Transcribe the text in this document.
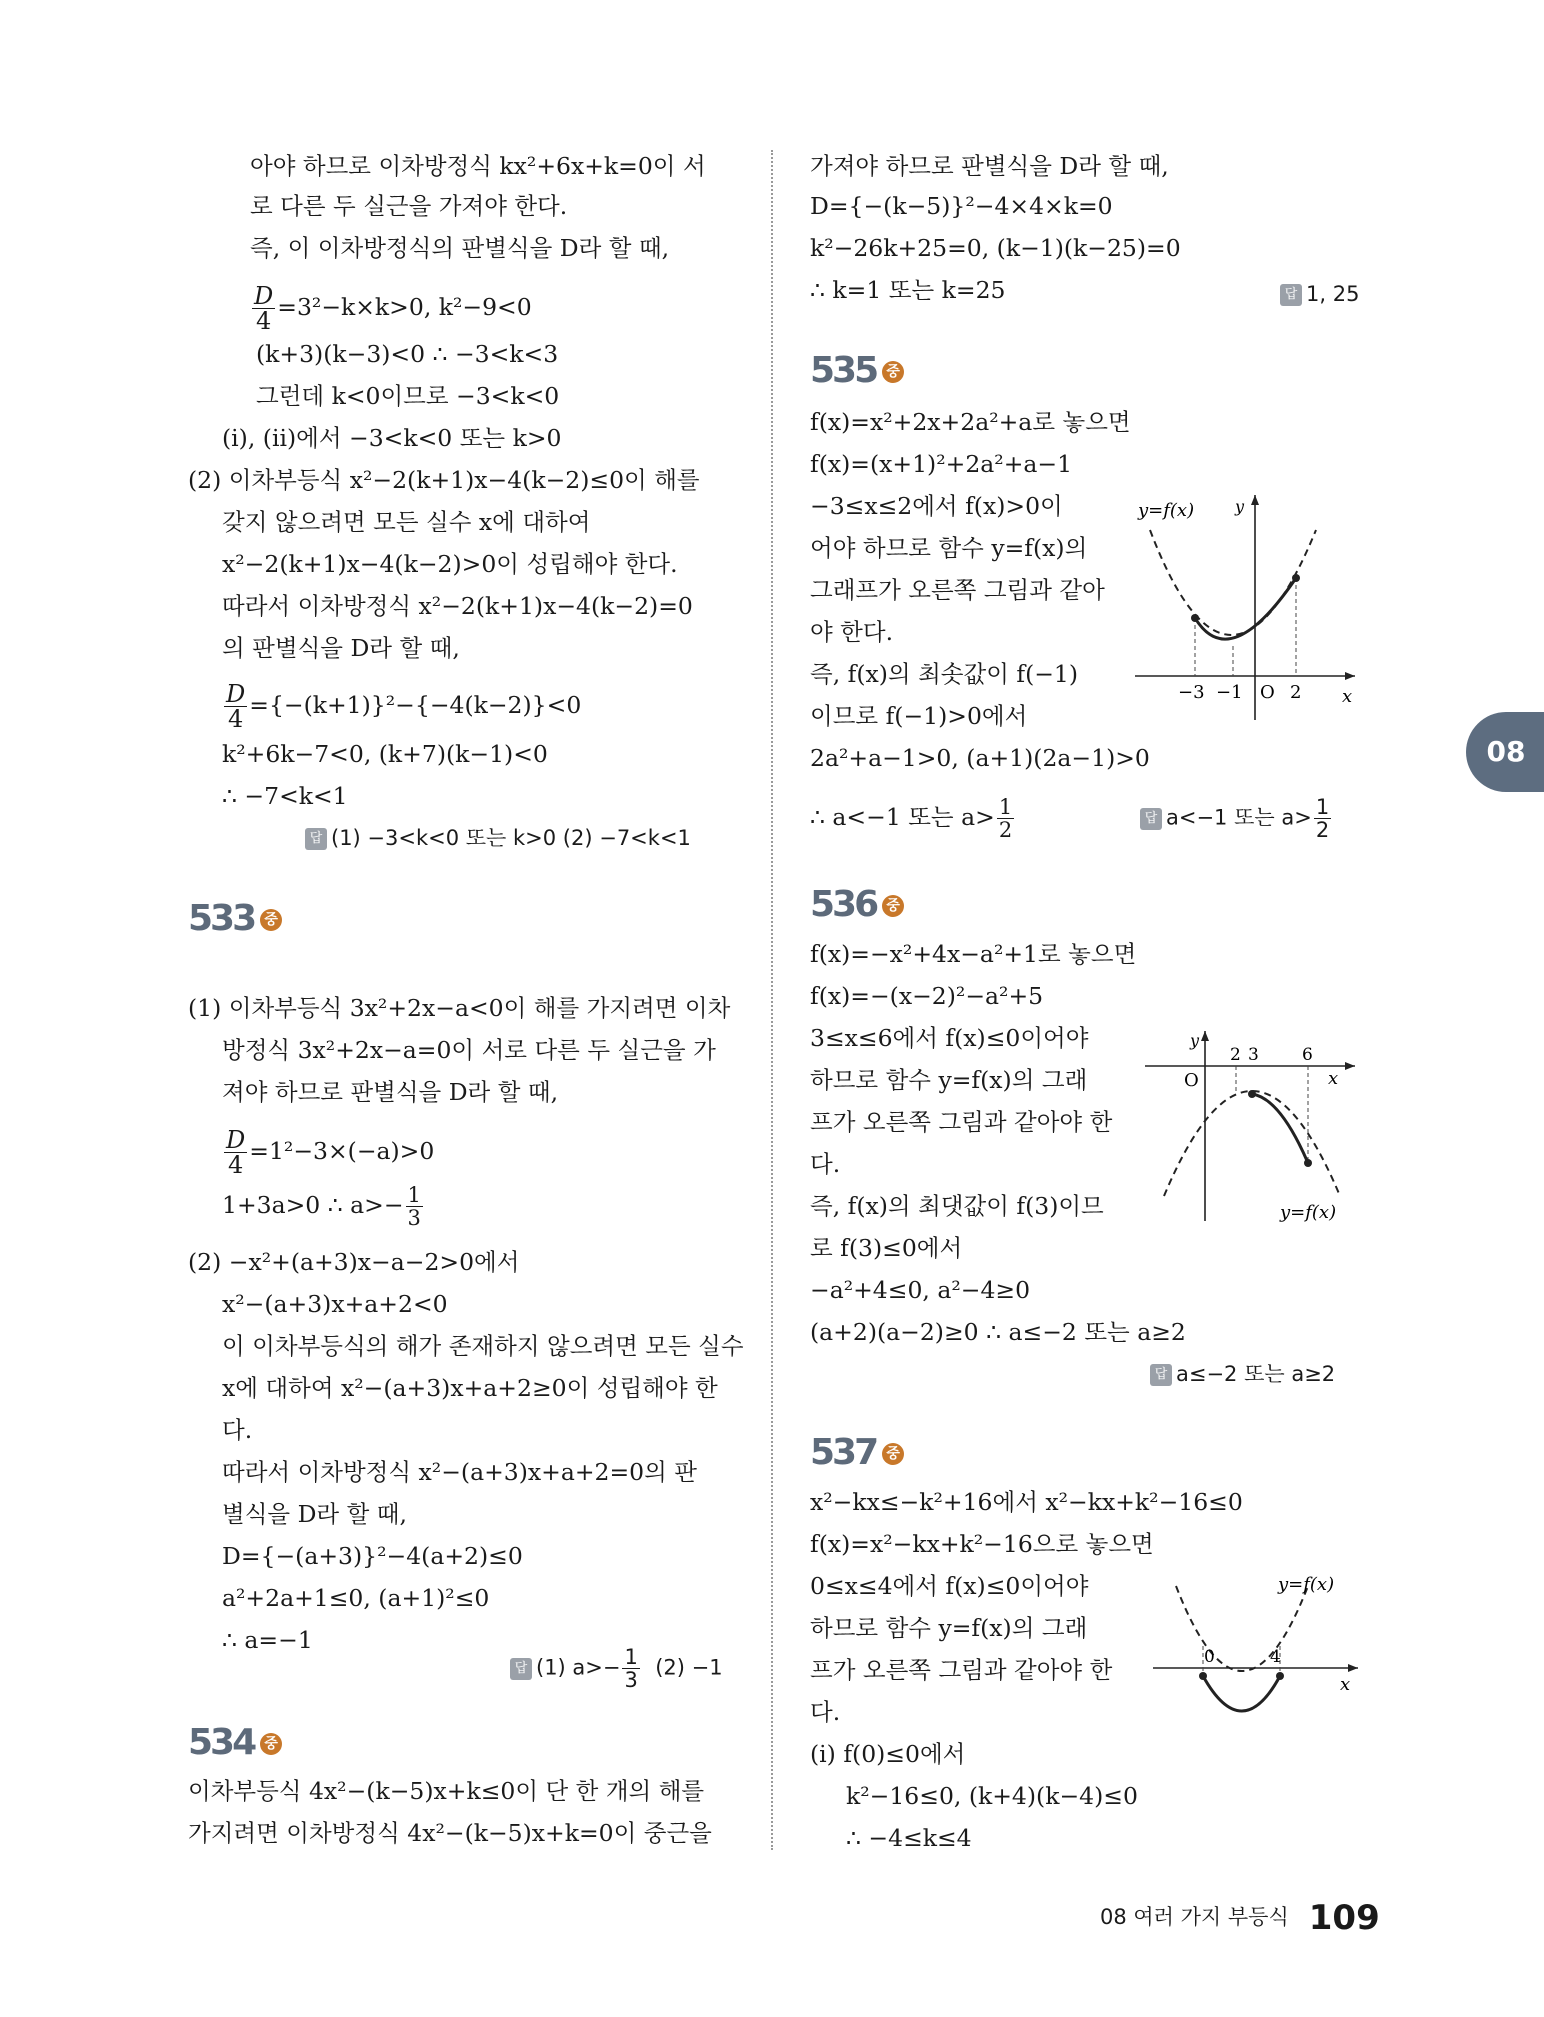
아야 하므로 이차방정식 kx²+6x+k=0이 서
로 다른 두 실근을 가져야 한다.
즉, 이 이차방정식의 판별식을 D라 할 때,
$\frac{D}{4} =3^2-k\times k>0$, k²−9<0
(k+3)(k−3)<0 ∴ −3<k<3
그런데 k<0이므로 −3<k<0
(i), (ii)에서 −3<k<0 또는 k>0
(2) 이차부등식 x²−2(k+1)x−4(k−2)≤0이 해를
갖지 않으려면 모든 실수 x에 대하여
x²−2(k+1)x−4(k−2)>0이 성립해야 한다.
따라서 이차방정식 x²−2(k+1)x−4(k−2)=0
의 판별식을 D라 할 때,
$\frac{D}{4} =\{-(k+1)\}^2-\{-4(k-2)\}<0$
k²+6k−7<0, (k+7)(k−1)<0
∴ −7<k<1
답 (1) −3<k<0 또는 k>0 (2) −7<k<1
533 중
(1) 이차부등식 3x²+2x−a<0이 해를 가지려면 이차
방정식 3x²+2x−a=0이 서로 다른 두 실근을 가
져야 하므로 판별식을 D라 할 때,
$\frac{D}{4} =1^2-3\times(-a)>0$
1+3a>0 ∴ $a>- \frac{1}{3}$
(2) −x²+(a+3)x−a−2>0에서
x²−(a+3)x+a+2<0
이 이차부등식의 해가 존재하지 않으려면 모든 실수
x에 대하여 x²−(a+3)x+a+2≥0이 성립해야 한
다.
따라서 이차방정식 x²−(a+3)x+a+2=0의 판
별식을 D라 할 때,
D={−(a+3)}²−4(a+2)≤0
a²+2a+1≤0, (a+1)²≤0
∴ a=−1
답 (1) $a>- \frac{1}{3} (2) -1$
534 중
이차부등식 4x²−(k−5)x+k≤0이 단 한 개의 해를
가지려면 이차방정식 4x²−(k−5)x+k=0이 중근을
가져야 하므로 판별식을 D라 할 때,
D={−(k−5)}²−4×4×k=0
k²−26k+25=0, (k−1)(k−25)=0
∴ k=1 또는 k=25	답 1, 25
535 중
f(x)=x²+2x+2a²+a로 놓으면
f(x)=(x+1)²+2a²+a−1
−3≤x≤2에서 f(x)>0이
어야 하므로 함수 y=f(x)의
그래프가 오른쪽 그림과 같아
야 한다.
즉, f(x)의 최솟값이 f(−1)
이므로 f(−1)>0에서
2a²+a−1>0, (a+1)(2a−1)>0
∴ a<−1 또는 $a> \frac{1}{2}$	답 a<−1 또는 $a> \frac{1}{2}$
y=f(x)	y
x
O
−3 −1	2
536 중
f(x)=−x²+4x−a²+1로 놓으면
f(x)=−(x−2)²−a²+5
3≤x≤6에서 f(x)≤0이어야
하므로 함수 y=f(x)의 그래
프가 오른쪽 그림과 같아야 한
다.
즉, f(x)의 최댓값이 f(3)이므
로 f(3)≤0에서
−a²+4≤0, a²−4≥0
(a+2)(a−2)≥0 ∴ a≤−2 또는 a≥2
답 a≤−2 또는 a≥2
y
O
2 3	6
x
y=f(x)
537 중
x²−kx≤−k²+16에서 x²−kx+k²−16≤0
f(x)=x²−kx+k²−16으로 놓으면
0≤x≤4에서 f(x)≤0이어야
하므로 함수 y=f(x)의 그래
프가 오른쪽 그림과 같아야 한
다.
(i) f(0)≤0에서
k²−16≤0, (k+4)(k−4)≤0
∴ −4≤k≤4
y=f(x)
0	4
x
08
08 여러 가지 부등식 109
